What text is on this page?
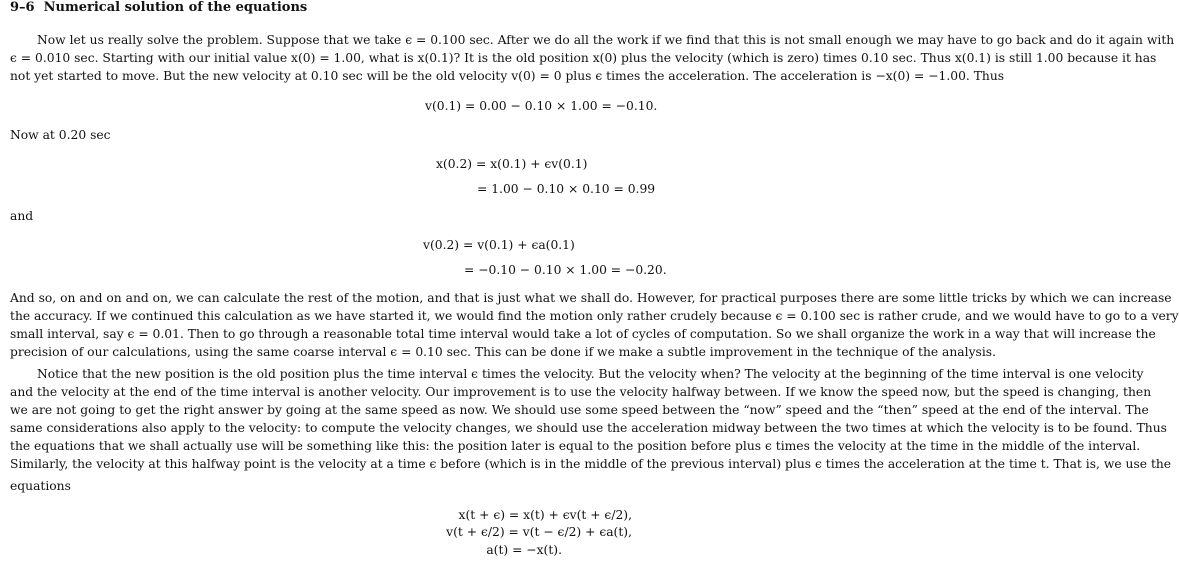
9–6 Numerical solution of the equations
Now let us really solve the problem. Suppose that we take ϵ = 0.100 sec. After we do all the work if we find that this is not small enough we may have to go back and do it again with
ϵ = 0.010 sec. Starting with our initial value x(0) = 1.00, what is x(0.1)? It is the old position x(0) plus the velocity (which is zero) times 0.10 sec. Thus x(0.1) is still 1.00 because it has
not yet started to move. But the new velocity at 0.10 sec will be the old velocity v(0) = 0 plus ϵ times the acceleration. The acceleration is −x(0) = −1.00. Thus
v(0.1) = 0.00 − 0.10 × 1.00 = −0.10.
Now at 0.20 sec
x(0.2) = x(0.1) + ϵv(0.1)
= 1.00 − 0.10 × 0.10 = 0.99
and
v(0.2) = v(0.1) + ϵa(0.1)
= −0.10 − 0.10 × 1.00 = −0.20.
And so, on and on and on, we can calculate the rest of the motion, and that is just what we shall do. However, for practical purposes there are some little tricks by which we can increase
the accuracy. If we continued this calculation as we have started it, we would find the motion only rather crudely because ϵ = 0.100 sec is rather crude, and we would have to go to a very
small interval, say ϵ = 0.01. Then to go through a reasonable total time interval would take a lot of cycles of computation. So we shall organize the work in a way that will increase the
precision of our calculations, using the same coarse interval ϵ = 0.10 sec. This can be done if we make a subtle improvement in the technique of the analysis.
Notice that the new position is the old position plus the time interval ϵ times the velocity. But the velocity when? The velocity at the beginning of the time interval is one velocity
and the velocity at the end of the time interval is another velocity. Our improvement is to use the velocity halfway between. If we know the speed now, but the speed is changing, then
we are not going to get the right answer by going at the same speed as now. We should use some speed between the “now” speed and the “then” speed at the end of the interval. The
same considerations also apply to the velocity: to compute the velocity changes, we should use the acceleration midway between the two times at which the velocity is to be found. Thus
the equations that we shall actually use will be something like this: the position later is equal to the position before plus ϵ times the velocity at the time in the middle of the interval.
Similarly, the velocity at this halfway point is the velocity at a time ϵ before (which is in the middle of the previous interval) plus ϵ times the acceleration at the time t. That is, we use the
equations
x(t + ϵ) = x(t) + ϵv(t + ϵ/2),
v(t + ϵ/2) = v(t − ϵ/2) + ϵa(t),
a(t) = −x(t).
